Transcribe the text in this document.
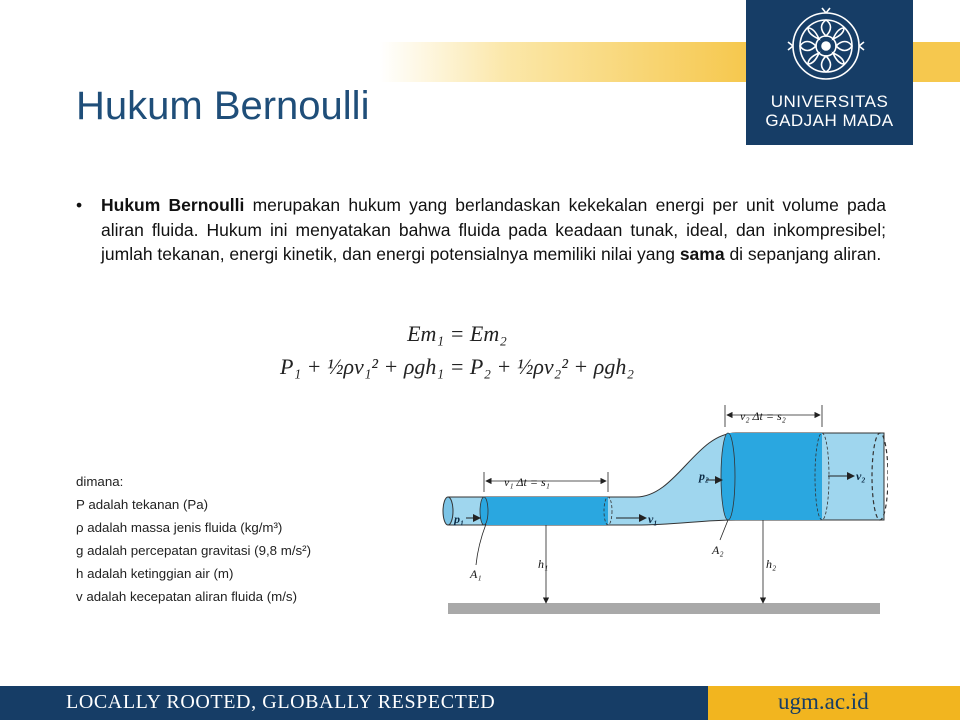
UNIVERSITAS
GADJAH MADA
Hukum Bernoulli
• Hukum Bernoulli merupakan hukum yang berlandaskan kekekalan energi per unit volume pada aliran fluida. Hukum ini menyatakan bahwa fluida pada keadaan tunak, ideal, dan inkompresibel; jumlah tekanan, energi kinetik, dan energi potensialnya memiliki nilai yang sama di sepanjang aliran.
Em₁ = Em₂
P₁ + ½ρv₁² + ρgh₁ = P₂ + ½ρv₂² + ρgh₂
dimana:
P adalah tekanan (Pa)
ρ adalah massa jenis fluida (kg/m³)
g adalah percepatan gravitasi (9,8 m/s²)
h adalah ketinggian air (m)
v adalah kecepatan aliran fluida (m/s)
v₁ Δt = s₁
v₂ Δt = s₂
p₁
p₂
v₁
v₂
A₁
A₂
h₁	h₂
LOCALLY ROOTED, GLOBALLY RESPECTED	ugm.ac.id
